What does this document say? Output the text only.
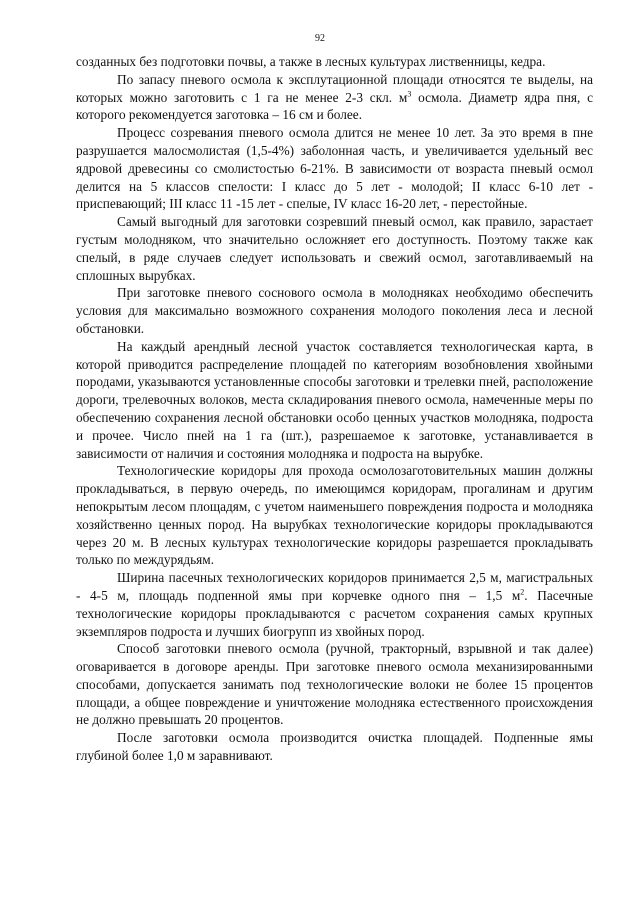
92

созданных без подготовки почвы, а также в лесных культурах лиственницы, кедра.

По запасу пневого осмола к эксплутационной площади относятся те выделы, на которых можно заготовить с 1 га не менее 2-3 скл. $м^3$ осмола. Диаметр ядра пня, с которого рекомендуется заготовка – 16 см и более.

Процесс созревания пневого осмола длится не менее 10 лет. За это время в пне разрушается малосмолистая (1,5-4%) заболонная часть, и увеличивается удельный вес ядровой древесины со смолистостью 6-21%. В зависимости от возраста пневый осмол делится на 5 классов спелости: I класс до 5 лет - молодой; II класс 6-10 лет - приспевающий; III класс 11 -15 лет - спелые, IV класс 16-20 лет, - перестойные.

Самый выгодный для заготовки созревший пневый осмол, как правило, зарастает густым молодняком, что значительно осложняет его доступность. Поэтому также как спелый, в ряде случаев следует использовать и свежий осмол, заготавливаемый на сплошных вырубках.

При заготовке пневого соснового осмола в молодняках необходимо обеспечить условия для максимально возможного сохранения молодого поколения леса и лесной обстановки.

На каждый арендный лесной участок составляется технологическая карта, в которой приводится распределение площадей по категориям возобновления хвойными породами, указываются установленные способы заготовки и трелевки пней, расположение дороги, трелевочных волоков, места складирования пневого осмола, намеченные меры по обеспечению сохранения лесной обстановки особо ценных участков молодняка, подроста и прочее. Число пней на 1 га (шт.), разрешаемое к заготовке, устанавливается в зависимости от наличия и состояния молодняка и подроста на вырубке.

Технологические коридоры для прохода осмолозаготовительных машин должны прокладываться, в первую очередь, по имеющимся коридорам, прогалинам и другим непокрытым лесом площадям, с учетом наименьшего повреждения подроста и молодняка хозяйственно ценных пород. На вырубках технологические коридоры прокладываются через 20 м. В лесных культурах технологические коридоры разрешается прокладывать только по междурядьям.

Ширина пасечных технологических коридоров принимается 2,5 м, магистральных - 4-5 м, площадь подпенной ямы при корчевке одного пня – 1,5 $м^2$. Пасечные технологические коридоры прокладываются с расчетом сохранения самых крупных экземпляров подроста и лучших биогрупп из хвойных пород.

Способ заготовки пневого осмола (ручной, тракторный, взрывной и так далее) оговаривается в договоре аренды. При заготовке пневого осмола механизированными способами, допускается занимать под технологические волоки не более 15 процентов площади, а общее повреждение и уничтожение молодняка естественного происхождения не должно превышать 20 процентов.

После заготовки осмола производится очистка площадей. Подпенные ямы глубиной более 1,0 м заравнивают.
